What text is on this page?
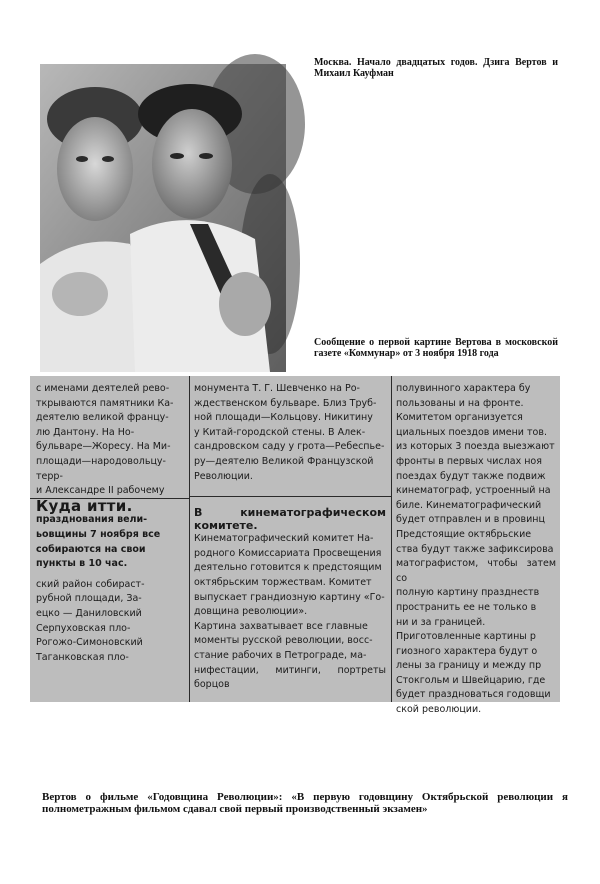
Москва. Начало двадцатых годов. Дзига Вертов и Михаил Кауфман

Сообщение о первой картине Вертова в московской газете «Коммунар» от 3 ноября 1918 года

с именами деятелей рево-

ткрываются памятники Ка-

деятелю великой францу-

лю Дантону. На Но-

бульваре—Жоресу. На Ми-

площади—народовольцу-терр-

и Александре II рабочему

Куда итти.

празднования вели-

ьовщины 7 ноября все

собираются на свои

пункты в 10 час.

ский район собираст-

рубной площади, За-

ецко — Даниловский

Серпуховская пло-

Рогожо-Симоновский

Таганковская пло-

монумента Т. Г. Шевченко на Ро-

ждественском бульваре. Близ Труб-

ной площади—Кольцову. Никитину

у Китай-городской стены. В Алек-

сандровском саду у грота—Ребеспье-

ру—деятелю Великой Французской

Революции.

В кинематографическом комитете.

Кинематографический комитет На-

родного Комиссариата Просвещения

деятельно готовится к предстоящим

октябрьским торжествам. Комитет

выпускает грандиозную картину «Го-

довщина революции».

Картина захватывает все главные

моменты русской революции, восс-

стание рабочих в Петрограде, ма-

нифестации, митинги, портреты борцов

полувинного характера бу

пользованы и на фронте.

Комитетом организуется

циальных поездов имени тов.

из которых 3 поезда выезжают

фронты в первых числах ноя

поездах будут также подвиж

кинематограф, устроенный на

биле. Кинематографический

будет отправлен и в провинц

Предстоящие октябрьские

ства будут также зафиксирова

матографистом, чтобы затем со

полную картину празднеств

пространить ее не только в

ни и за границей.

Приготовленные картины р

гиозного характера будут о

лены за границу и между пр

Стокгольм и Швейцарию, где

будет праздноваться годовщи

ской революции.

Вертов о фильме «Годовщина Революции»: «В первую годовщину Октябрьской революции я полнометражным фильмом сдавал свой первый производственный экзамен»
